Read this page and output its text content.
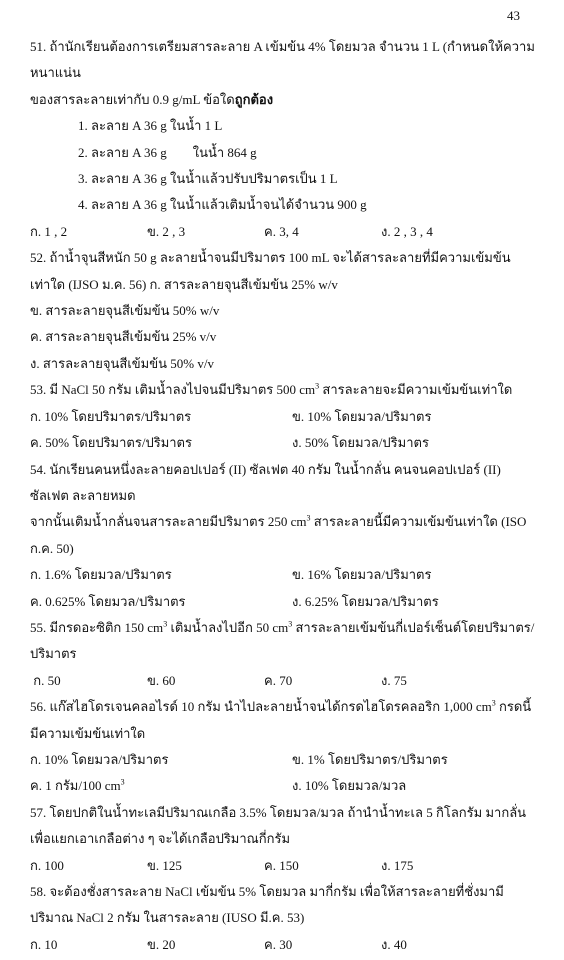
43
51. ถ้านักเรียนต้องการเตรียมสารละลาย A เข้มข้น 4% โดยมวล จำนวน 1 L (กำหนดให้ความ
หนาแน่น
ของสารละลายเท่ากับ 0.9 g/mL ข้อใดถูกต้อง
1. ละลาย A 36 g ในน้ำ 1 L
2. ละลาย A 36 g        ในน้ำ 864 g
3. ละลาย A 36 g ในน้ำแล้วปรับปริมาตรเป็น 1 L
4. ละลาย A 36 g ในน้ำแล้วเติมน้ำจนได้จำนวน 900 g
ก. 1 , 2	ข. 2 , 3	ค. 3, 4	ง. 2 , 3 , 4
52. ถ้าน้ำจุนสีหนัก 50 g ละลายน้ำจนมีปริมาตร 100 mL จะได้สารละลายที่มีความเข้มข้น
เท่าใด (IJSO ม.ค. 56) ก. สารละลายจุนสีเข้มข้น 25% w/v
ข. สารละลายจุนสีเข้มข้น 50% w/v
ค. สารละลายจุนสีเข้มข้น 25% v/v
ง. สารละลายจุนสีเข้มข้น 50% v/v
53. มี NaCl 50 กรัม เติมน้ำลงไปจนมีปริมาตร 500 $cm^3$ สารละลายจะมีความเข้มข้นเท่าใด
ก. 10% โดยปริมาตร/ปริมาตร	ข. 10% โดยมวล/ปริมาตร
ค. 50% โดยปริมาตร/ปริมาตร	ง. 50% โดยมวล/ปริมาตร
54. นักเรียนคนหนึ่งละลายคอปเปอร์ (II) ซัลเฟต 40 กรัม ในน้ำกลั่น คนจนคอปเปอร์ (II)
ซัลเฟต ละลายหมด
จากนั้นเติมน้ำกลั่นจนสารละลายมีปริมาตร 250 $cm^3$ สารละลายนี้มีความเข้มข้นเท่าใด (ISO
ก.ค. 50)
ก. 1.6% โดยมวล/ปริมาตร	ข. 16% โดยมวล/ปริมาตร
ค. 0.625% โดยมวล/ปริมาตร	ง. 6.25% โดยมวล/ปริมาตร
55. มีกรดอะซิติก 150 $cm^3$ เติมน้ำลงไปอีก 50 $cm^3$ สารละลายเข้มข้นกี่เปอร์เซ็นต์โดยปริมาตร/
ปริมาตร
ก. 50	ข. 60	ค. 70	ง. 75
56. แก๊สไฮโดรเจนคลอไรด์ 10 กรัม นำไปละลายน้ำจนได้กรดไฮโดรคลอริก 1,000 $cm^3$ กรดนี้
มีความเข้มข้นเท่าใด
ก. 10% โดยมวล/ปริมาตร	ข. 1% โดยปริมาตร/ปริมาตร
ค. 1 กรัม/100 $cm^3$	ง. 10% โดยมวล/มวล
57. โดยปกติในน้ำทะเลมีปริมาณเกลือ 3.5% โดยมวล/มวล ถ้านำน้ำทะเล 5 กิโลกรัม มากลั่น
เพื่อแยกเอาเกลือต่าง ๆ จะได้เกลือปริมาณกี่กรัม
ก. 100	ข. 125	ค. 150	ง. 175
58. จะต้องชั่งสารละลาย NaCl เข้มข้น 5% โดยมวล มากี่กรัม เพื่อให้สารละลายที่ชั่งมามี
ปริมาณ NaCl 2 กรัม ในสารละลาย (IUSO มี.ค. 53)
ก. 10	ข. 20	ค. 30	ง. 40
